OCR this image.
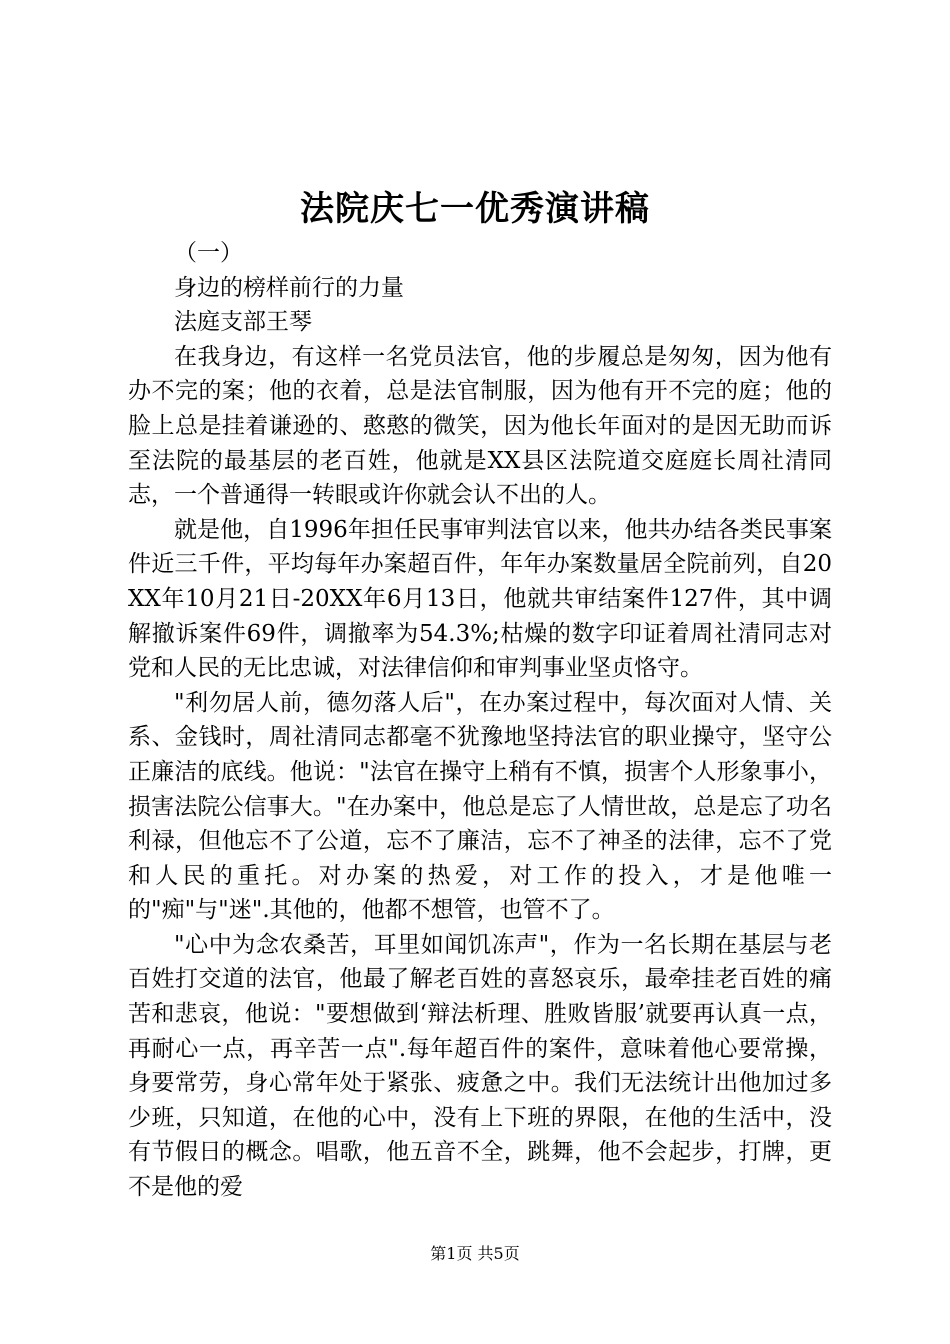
法院庆七一优秀演讲稿

（一）

身边的榜样前行的力量

法庭支部王琴

在我身边，有这样一名党员法官，他的步履总是匆匆，因为他有办不完的案；他的衣着，总是法官制服，因为他有开不完的庭；他的脸上总是挂着谦逊的、憨憨的微笑，因为他长年面对的是因无助而诉至法院的最基层的老百姓，他就是XX县区法院道交庭庭长周社清同志，一个普通得一转眼或许你就会认不出的人。

就是他，自1996年担任民事审判法官以来，他共办结各类民事案件近三千件，平均每年办案超百件，年年办案数量居全院前列，自20XX年10月21日-20XX年6月13日，他就共审结案件127件，其中调解撤诉案件69件，调撤率为54.3%;枯燥的数字印证着周社清同志对党和人民的无比忠诚，对法律信仰和审判事业坚贞恪守。

"利勿居人前，德勿落人后"，在办案过程中，每次面对人情、关系、金钱时，周社清同志都毫不犹豫地坚持法官的职业操守，坚守公正廉洁的底线。他说："法官在操守上稍有不慎，损害个人形象事小，损害法院公信事大。"在办案中，他总是忘了人情世故，总是忘了功名利禄，但他忘不了公道，忘不了廉洁，忘不了神圣的法律，忘不了党和人民的重托。对办案的热爱，对工作的投入，才是他唯一的"痴"与"迷".其他的，他都不想管，也管不了。

"心中为念农桑苦，耳里如闻饥冻声"，作为一名长期在基层与老百姓打交道的法官，他最了解老百姓的喜怒哀乐，最牵挂老百姓的痛苦和悲哀，他说："要想做到‘辩法析理、胜败皆服’就要再认真一点，再耐心一点，再辛苦一点".每年超百件的案件，意味着他心要常操，身要常劳，身心常年处于紧张、疲惫之中。我们无法统计出他加过多少班，只知道，在他的心中，没有上下班的界限，在他的生活中，没有节假日的概念。唱歌，他五音不全，跳舞，他不会起步，打牌，更不是他的爱

第1页 共5页
